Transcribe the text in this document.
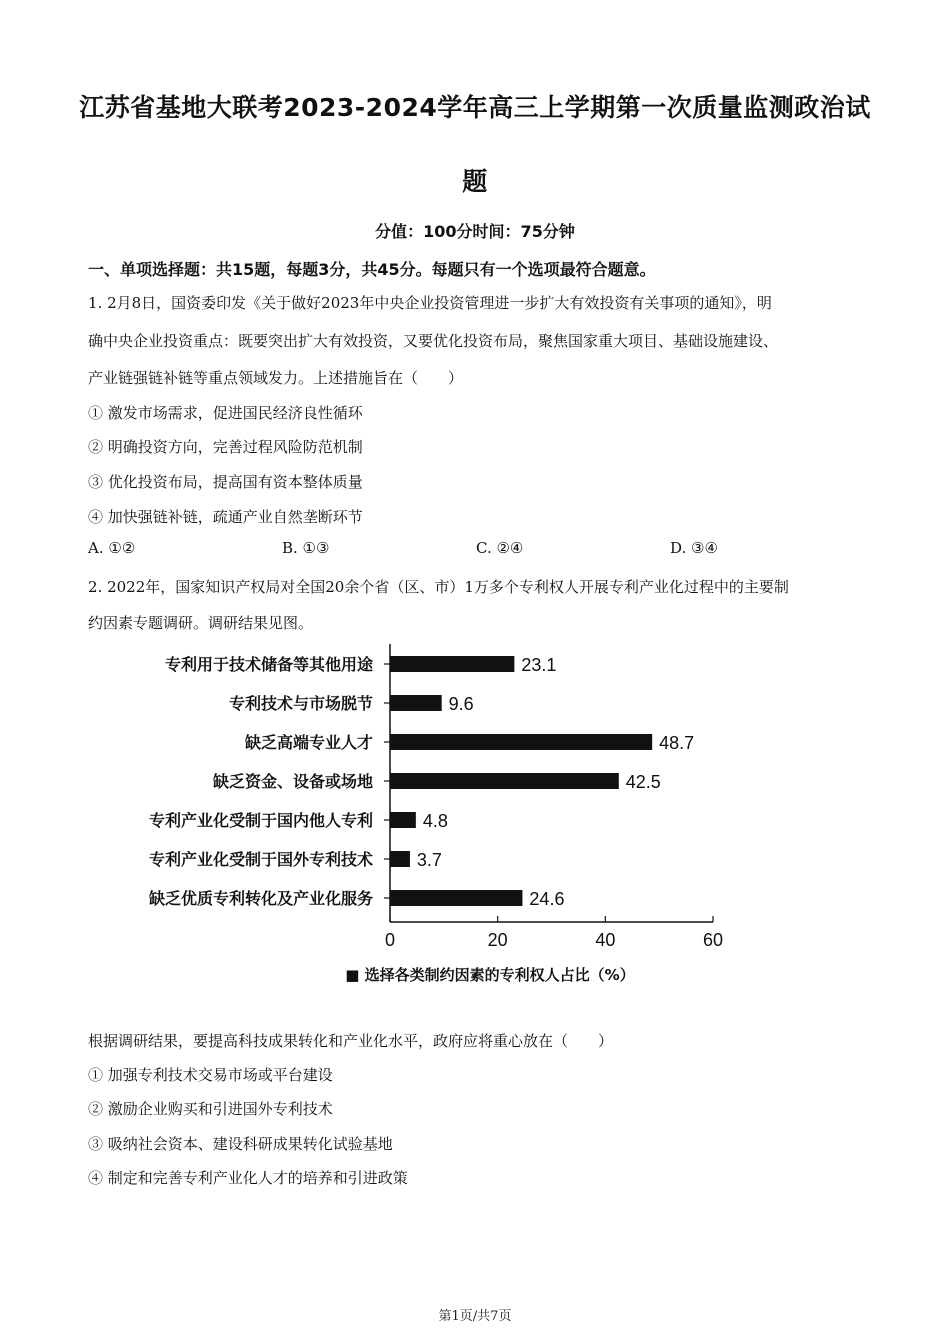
江苏省基地大联考2023-2024学年高三上学期第一次质量监测政治试
题
分值：100分时间：75分钟
一、单项选择题：共15题，每题3分，共45分。每题只有一个选项最符合题意。
1. 2月8日，国资委印发《关于做好2023年中央企业投资管理进一步扩大有效投资有关事项的通知》，明
确中央企业投资重点：既要突出扩大有效投资，又要优化投资布局，聚焦国家重大项目、基础设施建设、
产业链强链补链等重点领域发力。上述措施旨在（　　）
① 激发市场需求，促进国民经济良性循环
② 明确投资方向，完善过程风险防范机制
③ 优化投资布局，提高国有资本整体质量
④ 加快强链补链，疏通产业自然垄断环节
A. ①②	B. ①③	C. ②④	D. ③④
2. 2022年，国家知识产权局对全国20余个省（区、市）1万多个专利权人开展专利产业化过程中的主要制
约因素专题调研。调研结果见图。
专利用于技术储备等其他用途	23.1
专利技术与市场脱节	9.6
缺乏高端专业人才	48.7
缺乏资金、设备或场地	42.5
专利产业化受制于国内他人专利	4.8
专利产业化受制于国外专利技术 3.7
缺乏优质专利转化及产业化服务	24.6
0	20	40	60
■ 选择各类制约因素的专利权人占比（%）
根据调研结果，要提高科技成果转化和产业化水平，政府应将重心放在（　　）
① 加强专利技术交易市场或平台建设
② 激励企业购买和引进国外专利技术
③ 吸纳社会资本、建设科研成果转化试验基地
④ 制定和完善专利产业化人才的培养和引进政策
第1页/共7页
